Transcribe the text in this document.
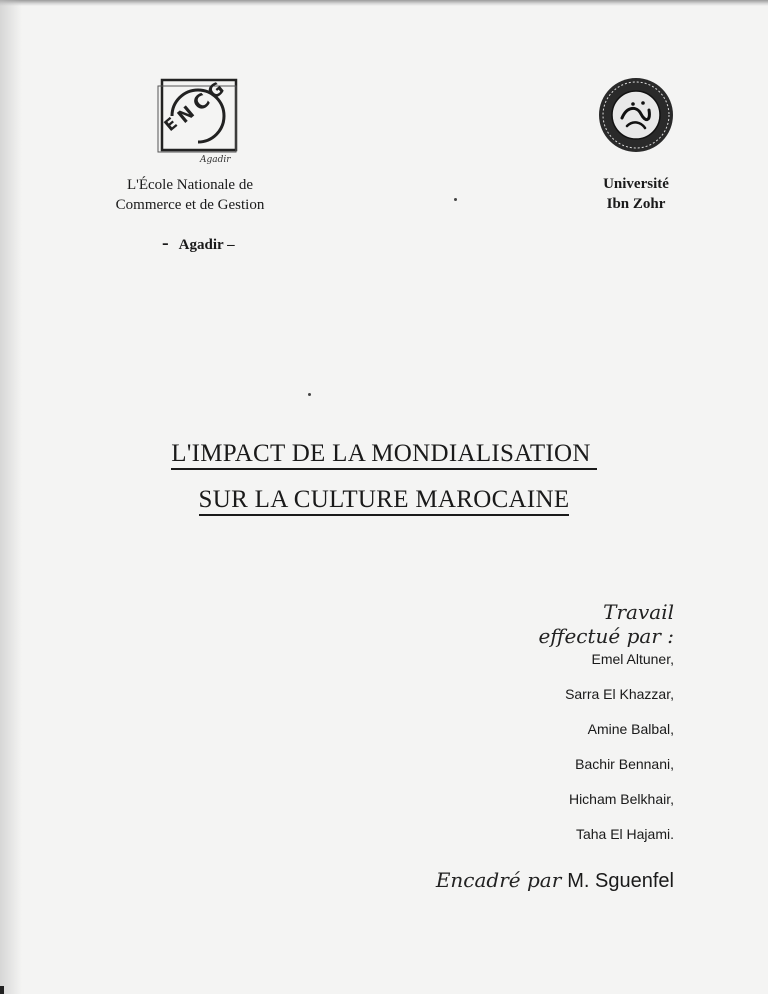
E
N
C
G
Agadir
L'École Nationale de
Commerce et de Gestion
- Agadir –
Université
Ibn Zohr
L'IMPACT DE LA MONDIALISATION
SUR LA CULTURE MAROCAINE
Travail effectué par :
Emel Altuner,
Sarra El Khazzar,
Amine Balbal,
Bachir Bennani,
Hicham Belkhair,
Taha El Hajami.
Encadré par M. Sguenfel
